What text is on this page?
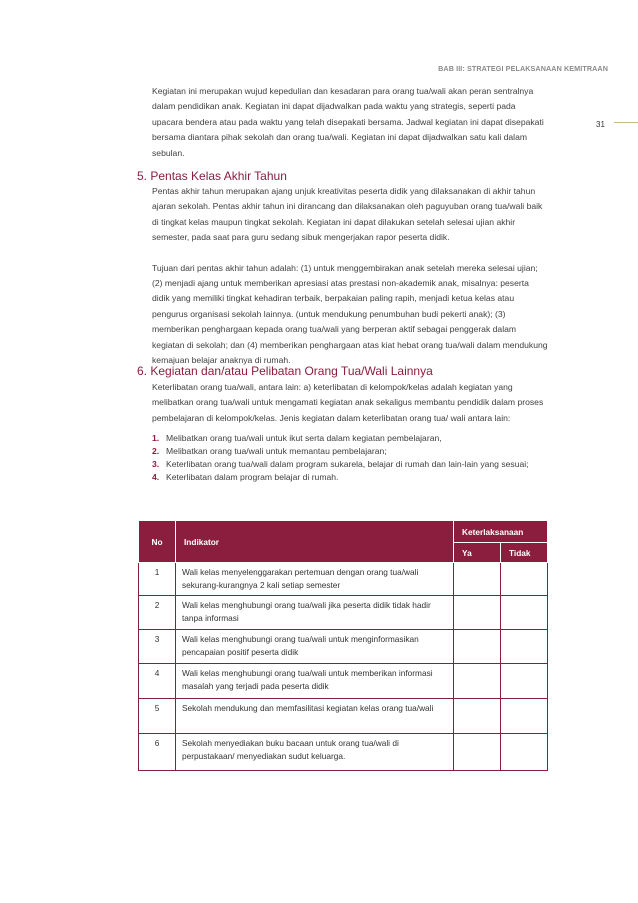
BAB III: STRATEGI PELAKSANAAN KEMITRAAN
31

Kegiatan ini merupakan wujud kepedulian dan kesadaran para orang tua/wali akan peran sentralnya dalam pendidikan anak. Kegiatan ini dapat dijadwalkan pada waktu yang strategis, seperti pada upacara bendera atau pada waktu yang telah disepakati bersama. Jadwal kegiatan ini dapat disepakati bersama diantara pihak sekolah dan orang tua/wali. Kegiatan ini dapat dijadwalkan satu kali dalam sebulan.

5. Pentas Kelas Akhir Tahun

Pentas akhir tahun merupakan ajang unjuk kreativitas peserta didik yang dilaksanakan di akhir tahun ajaran sekolah. Pentas akhir tahun ini dirancang dan dilaksanakan oleh paguyuban orang tua/wali baik di tingkat kelas maupun tingkat sekolah. Kegiatan ini dapat dilakukan setelah selesai ujian akhir semester, pada saat para guru sedang sibuk mengerjakan rapor peserta didik.

Tujuan dari pentas akhir tahun adalah: (1) untuk menggembirakan anak setelah mereka selesai ujian; (2) menjadi ajang untuk memberikan apresiasi atas prestasi non-akademik anak, misalnya: peserta didik yang memiliki tingkat kehadiran terbaik, berpakaian paling rapih, menjadi ketua kelas atau pengurus organisasi sekolah lainnya. (untuk mendukung penumbuhan budi pekerti anak); (3) memberikan penghargaan kepada orang tua/wali yang berperan aktif sebagai penggerak dalam kegiatan di sekolah; dan (4) memberikan penghargaan atas kiat hebat orang tua/wali dalam mendukung kemajuan belajar anaknya di rumah.

6. Kegiatan dan/atau Pelibatan Orang Tua/Wali Lainnya

Keterlibatan orang tua/wali, antara lain: a) keterlibatan di kelompok/kelas adalah kegiatan yang melibatkan orang tua/wali untuk mengamati kegiatan anak sekaligus membantu pendidik dalam proses pembelajaran di kelompok/kelas. Jenis kegiatan dalam keterlibatan orang tua/ wali antara lain:

1. Melibatkan orang tua/wali untuk ikut serta dalam kegiatan pembelajaran,
2. Melibatkan orang tua/wali untuk memantau pembelajaran;
3. Keterlibatan orang tua/wali dalam program sukarela, belajar di rumah dan lain-lain yang sesuai;
4. Keterlibatan dalam program belajar di rumah.
No	Indikator	Keterlaksanaan	
		Ya	Tidak
1	Wali kelas menyelenggarakan pertemuan dengan orang tua/wali sekurang-kurangnya 2 kali setiap semester		
2	Wali kelas menghubungi orang tua/wali jika peserta didik tidak hadir tanpa informasi		
3	Wali kelas menghubungi orang tua/wali untuk menginformasikan pencapaian positif peserta didik		
4	Wali kelas menghubungi orang tua/wali untuk memberikan informasi masalah yang terjadi pada peserta didik		
5	Sekolah mendukung dan memfasilitasi kegiatan kelas orang tua/wali		
6	Sekolah menyediakan buku bacaan untuk orang tua/wali di perpustakaan/ menyediakan sudut keluarga.		
